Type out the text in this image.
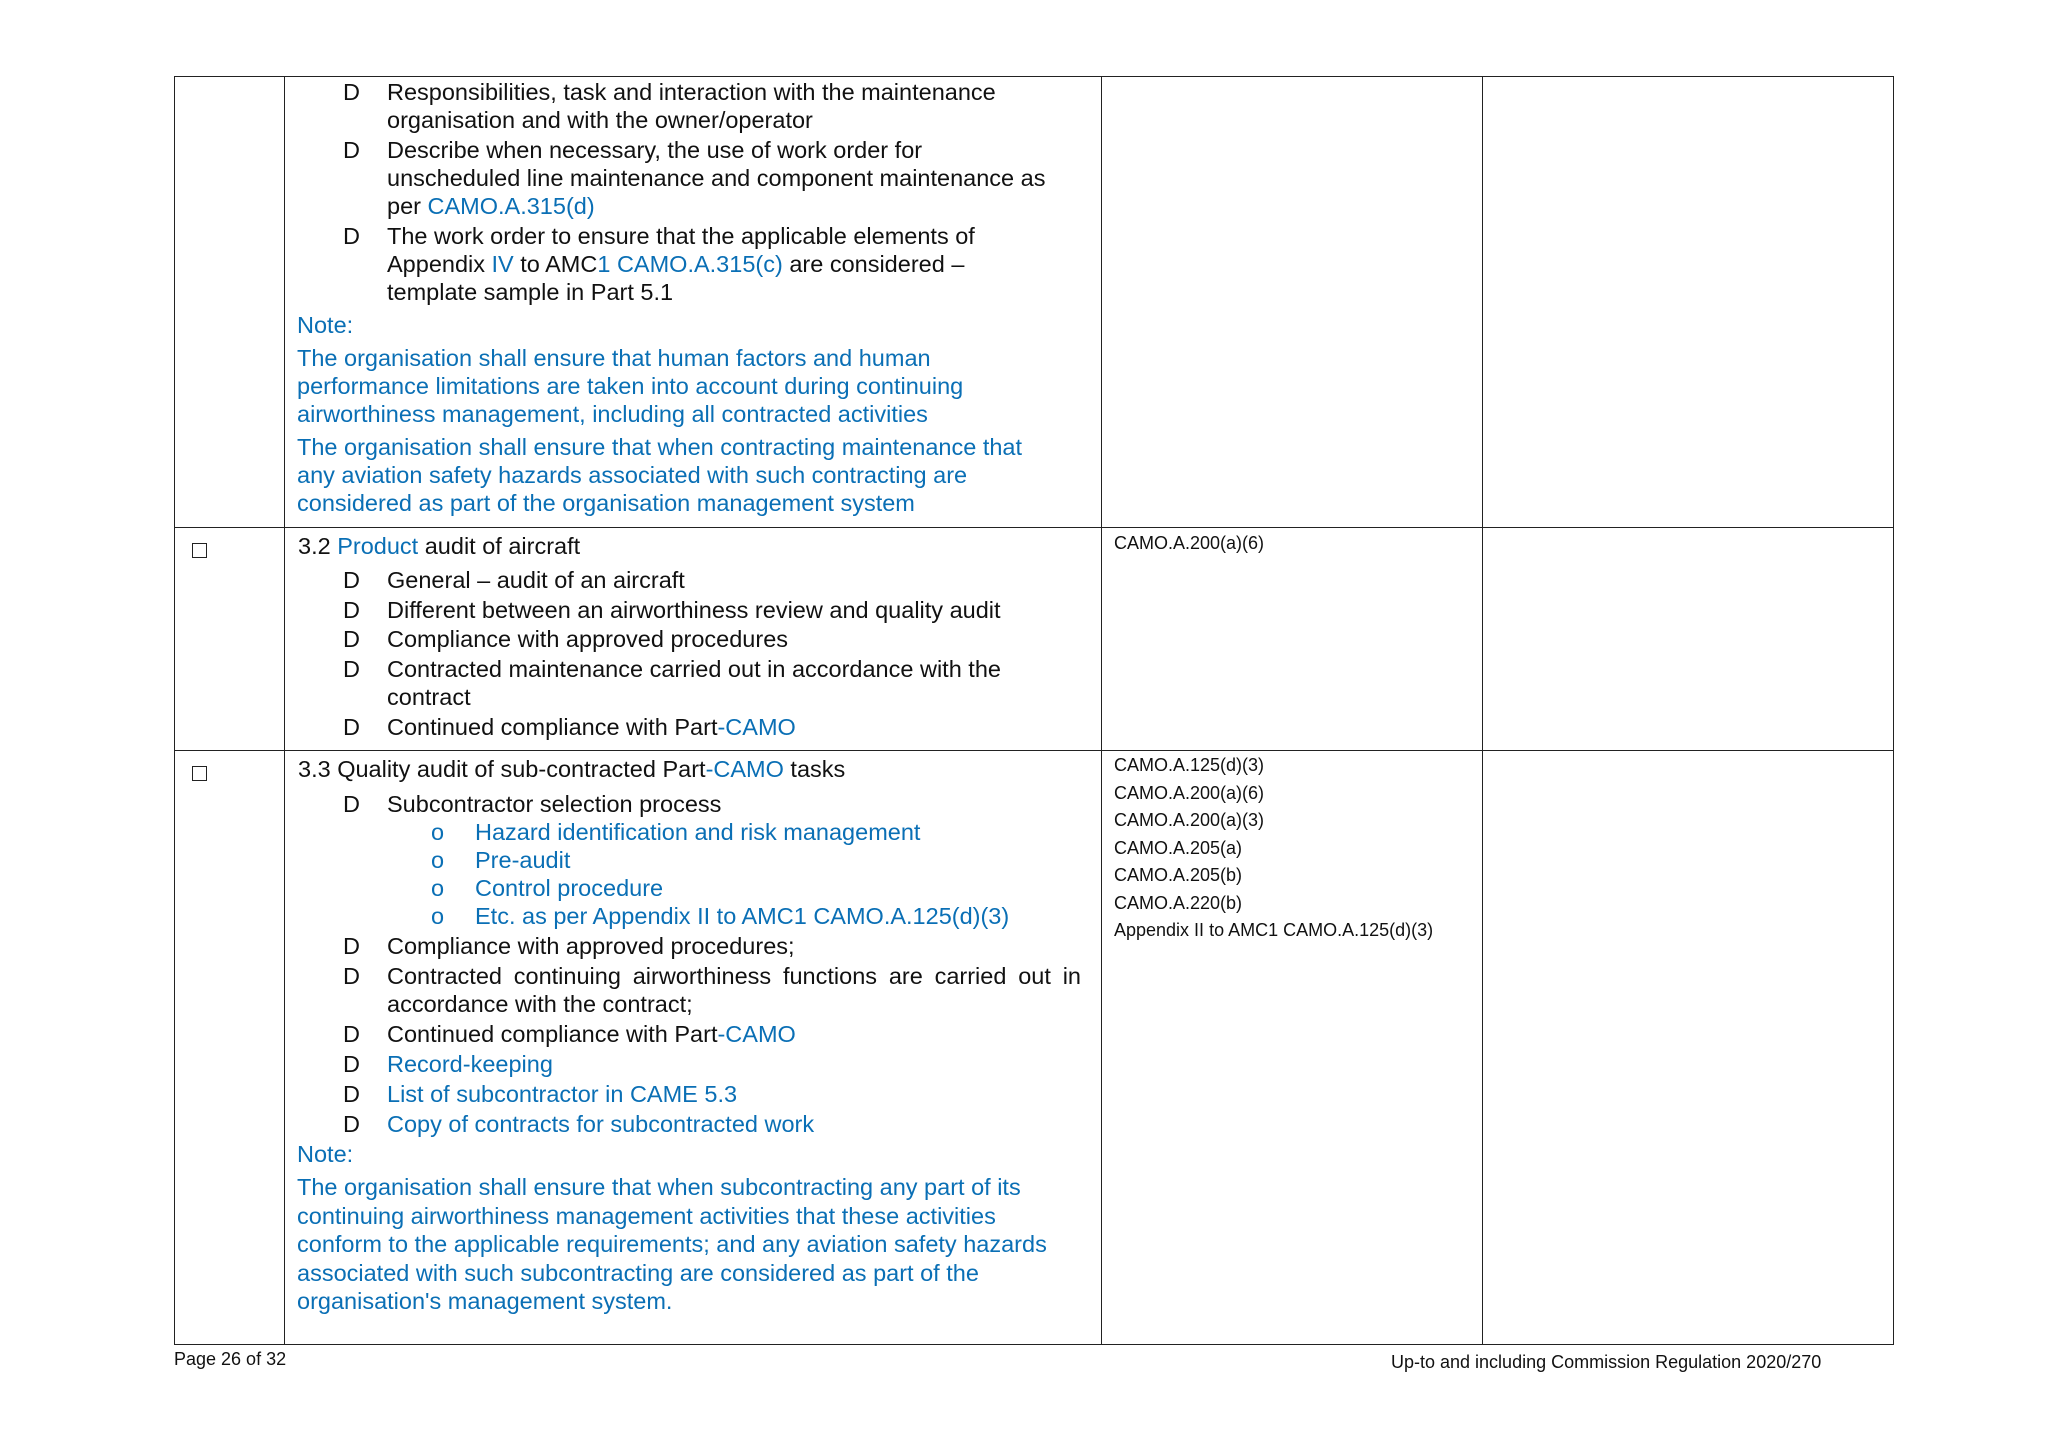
D Responsibilities, task and interaction with the maintenance
organisation and with the owner/operator
D Describe when necessary, the use of work order for
unscheduled line maintenance and component maintenance as
per CAMO.A.315(d)
D The work order to ensure that the applicable elements of
Appendix IV to AMC1 CAMO.A.315(c) are considered –
template sample in Part 5.1
Note:
The organisation shall ensure that human factors and human
performance limitations are taken into account during continuing
airworthiness management, including all contracted activities
The organisation shall ensure that when contracting maintenance that
any aviation safety hazards associated with such contracting are
considered as part of the organisation management system
3.2 Product audit of aircraft
D General – audit of an aircraft
D Different between an airworthiness review and quality audit
D Compliance with approved procedures
D Contracted maintenance carried out in accordance with the
contract
D Continued compliance with Part-CAMO
CAMO.A.200(a)(6)
3.3 Quality audit of sub-contracted Part-CAMO tasks
D Subcontractor selection process
o Hazard identification and risk management
o Pre-audit
o Control procedure
o Etc. as per Appendix II to AMC1 CAMO.A.125(d)(3)
D Compliance with approved procedures;
D Contracted continuing airworthiness functions are carried out in
accordance with the contract;
D Continued compliance with Part-CAMO
D Record-keeping
D List of subcontractor in CAME 5.3
D Copy of contracts for subcontracted work
Note:
The organisation shall ensure that when subcontracting any part of its
continuing airworthiness management activities that these activities
conform to the applicable requirements; and any aviation safety hazards
associated with such subcontracting are considered as part of the
organisation's management system.
CAMO.A.125(d)(3)
CAMO.A.200(a)(6)
CAMO.A.200(a)(3)
CAMO.A.205(a)
CAMO.A.205(b)
CAMO.A.220(b)
Appendix II to AMC1 CAMO.A.125(d)(3)
Page 26 of 32	Up-to and including Commission Regulation 2020/270
